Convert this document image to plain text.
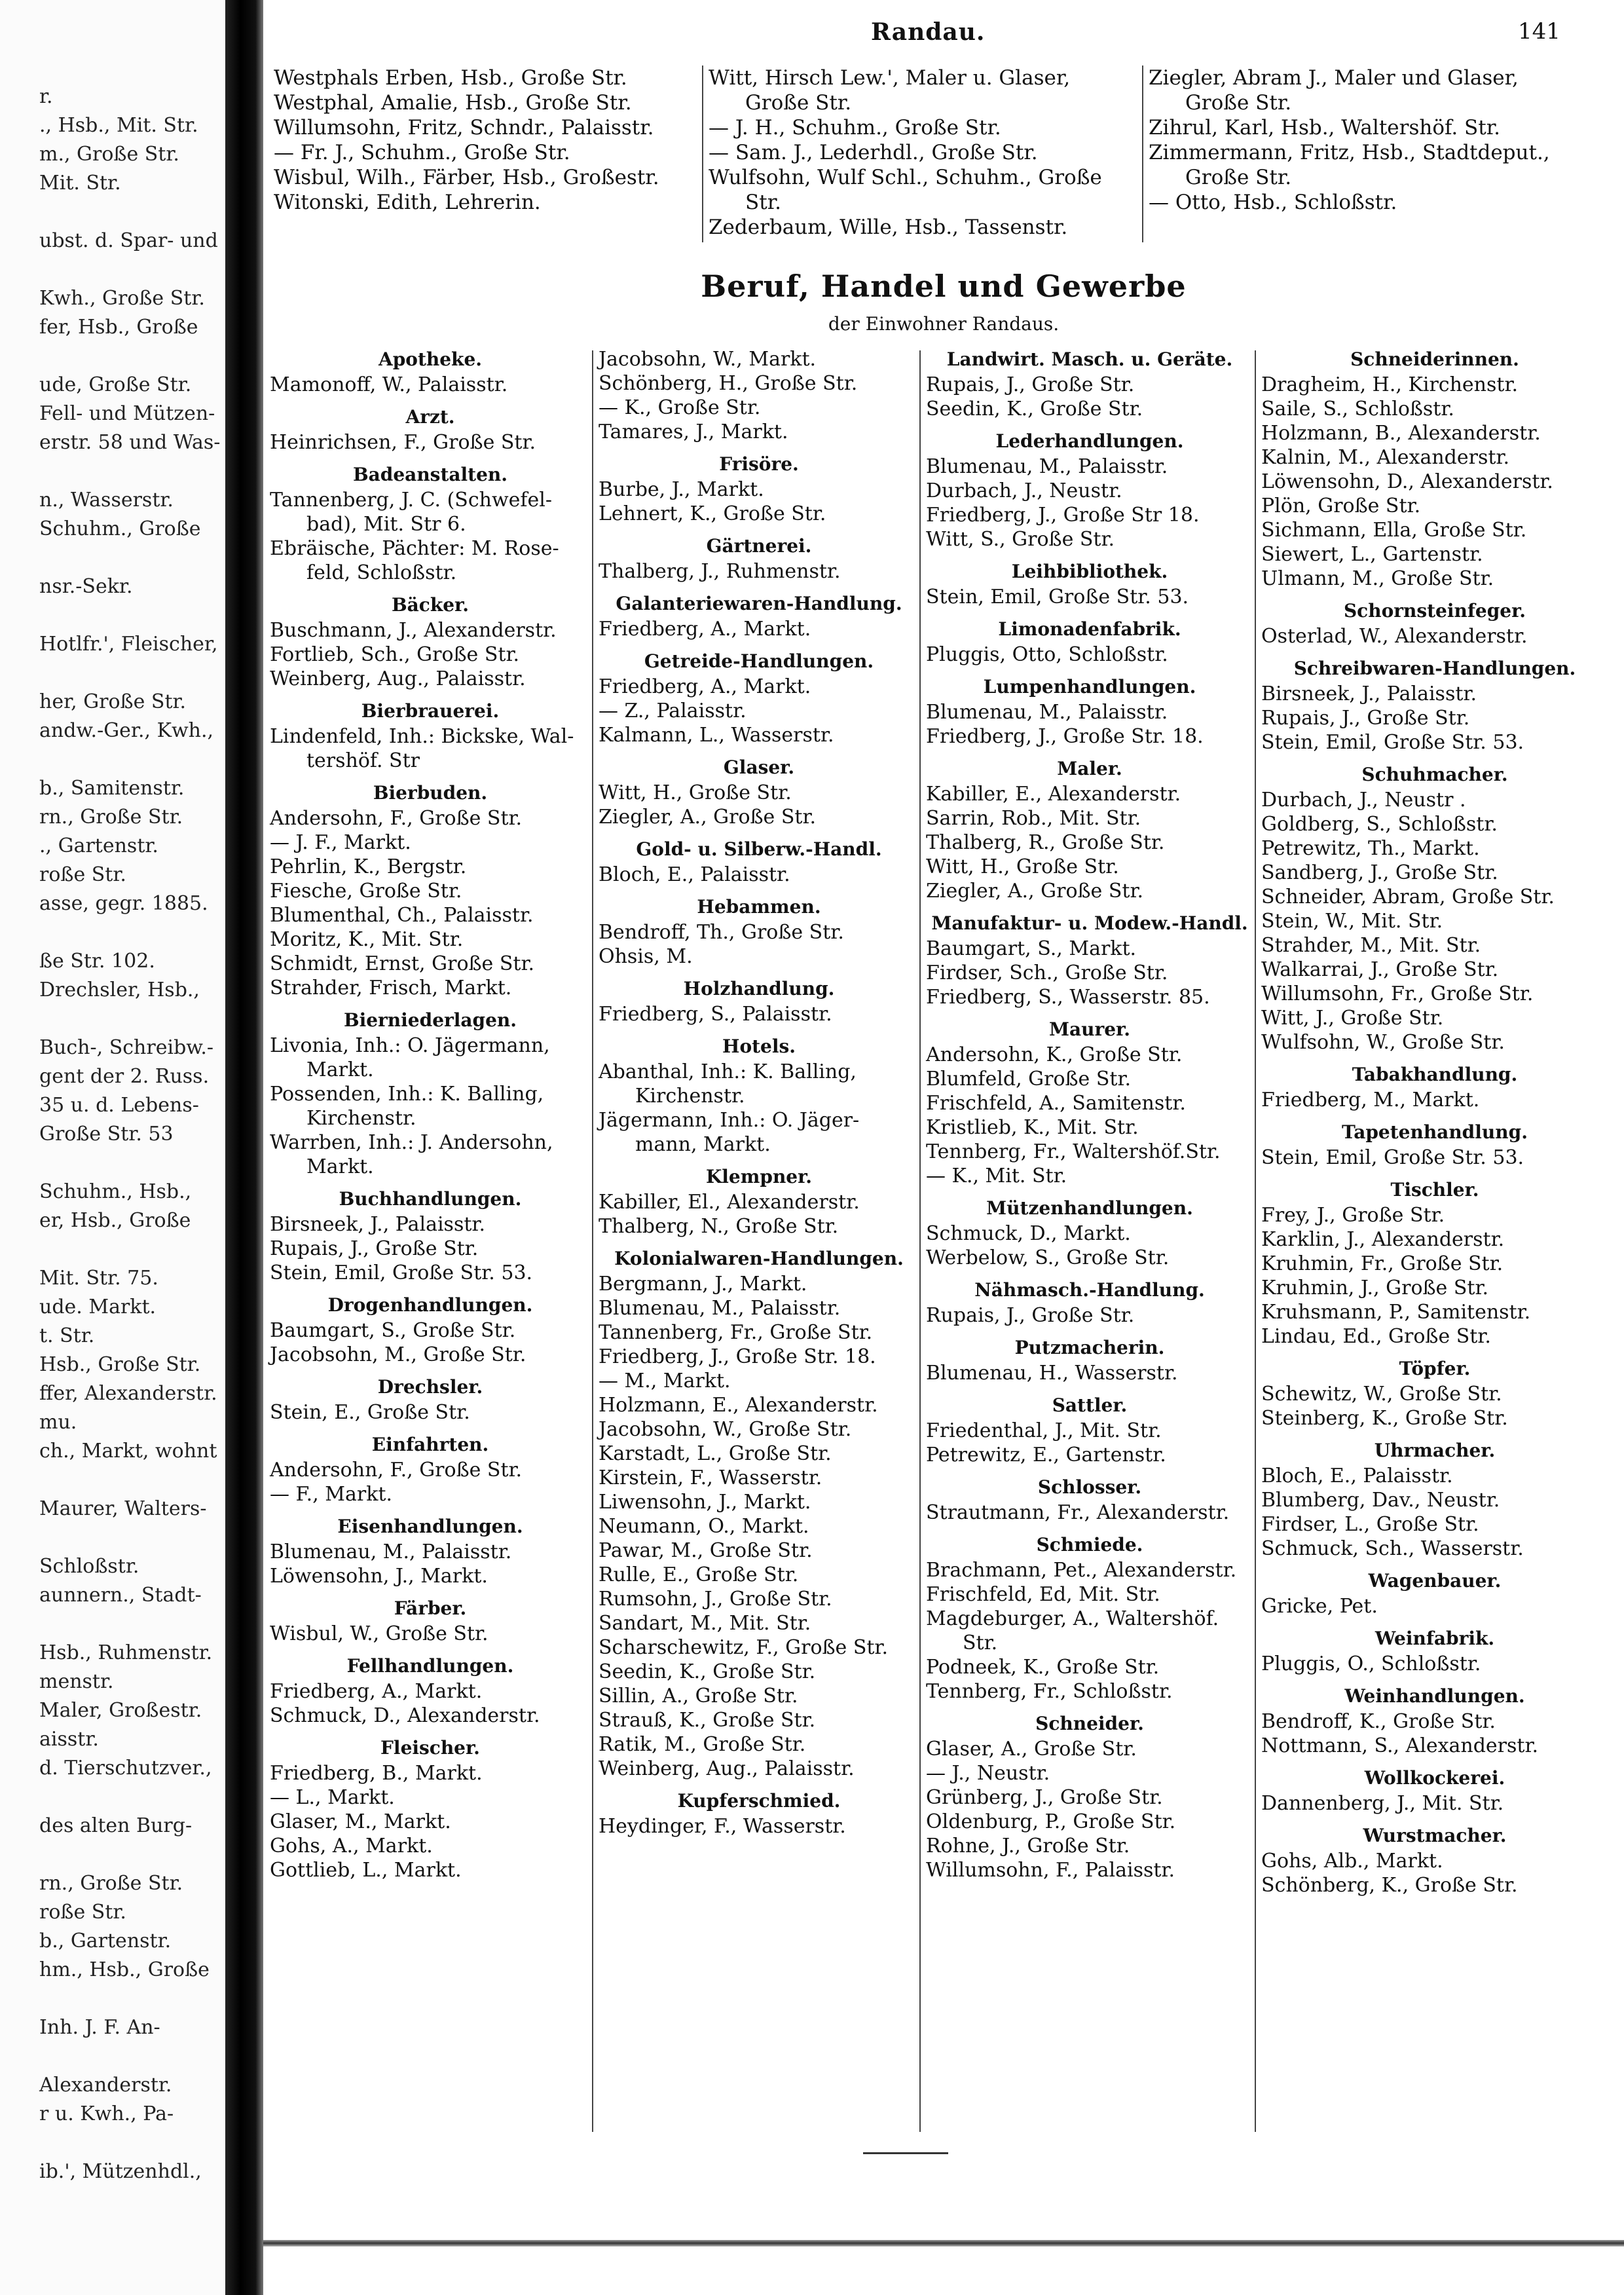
r.
., Hsb., Mit. Str.
m., Große Str.
Mit. Str.
ubst. d. Spar- und
Kwh., Große Str.
fer, Hsb., Große
ude, Große Str.
Fell- und Mützen-
erstr. 58 und Was-
n., Wasserstr.
Schuhm., Große
nsr.-Sekr.
Hotlfr.', Fleischer,
her, Große Str.
andw.-Ger., Kwh.,
b., Samitenstr.
rn., Große Str.
., Gartenstr.
roße Str.
asse, gegr. 1885.
ße Str. 102.
Drechsler, Hsb.,
Buch-, Schreibw.-
gent der 2. Russ.
35 u. d. Lebens-
Große Str. 53
Schuhm., Hsb.,
er, Hsb., Große
Mit. Str. 75.
ude. Markt.
t. Str.
Hsb., Große Str.
ffer, Alexanderstr.
mu.
ch., Markt, wohnt
Maurer, Walters-
Schloßstr.
aunnern., Stadt-
Hsb., Ruhmenstr.
menstr.
Maler, Großestr.
aisstr.
d. Tierschutzver.,
des alten Burg-
rn., Große Str.
roße Str.
b., Gartenstr.
hm., Hsb., Große
Inh. J. F. An-
Alexanderstr.
r u. Kwh., Pa-
ib.', Mützenhdl.,
Randau.	141
Westphals Erben, Hsb., Große Str.
Westphal, Amalie, Hsb., Große Str.
Willumsohn, Fritz, Schndr., Palaisstr.
— Fr. J., Schuhm., Große Str.
Wisbul, Wilh., Färber, Hsb., Großestr.
Witonski, Edith, Lehrerin.
Witt, Hirsch Lew.', Maler u. Glaser,
Große Str.
— J. H., Schuhm., Große Str.
— Sam. J., Lederhdl., Große Str.
Wulfsohn, Wulf Schl., Schuhm., Große
Str.
Zederbaum, Wille, Hsb., Tassenstr.
Ziegler, Abram J., Maler und Glaser,
Große Str.
Zihrul, Karl, Hsb., Waltershöf. Str.
Zimmermann, Fritz, Hsb., Stadtdeput.,
Große Str.
— Otto, Hsb., Schloßstr.
Beruf, Handel und Gewerbe
der Einwohner Randaus.
Apotheke.
Mamonoff, W., Palaisstr.
Arzt.
Heinrichsen, F., Große Str.
Badeanstalten.
Tannenberg, J. C. (Schwefel-
bad), Mit. Str 6.
Ebräische, Pächter: M. Rose-
feld, Schloßstr.
Bäcker.
Buschmann, J., Alexanderstr.
Fortlieb, Sch., Große Str.
Weinberg, Aug., Palaisstr.
Bierbrauerei.
Lindenfeld, Inh.: Bickske, Wal-
tershöf. Str
Bierbuden.
Andersohn, F., Große Str.
— J. F., Markt.
Pehrlin, K., Bergstr.
Fiesche, Große Str.
Blumenthal, Ch., Palaisstr.
Moritz, K., Mit. Str.
Schmidt, Ernst, Große Str.
Strahder, Frisch, Markt.
Bierniederlagen.
Livonia, Inh.: O. Jägermann,
Markt.
Possenden, Inh.: K. Balling,
Kirchenstr.
Warrben, Inh.: J. Andersohn,
Markt.
Buchhandlungen.
Birsneek, J., Palaisstr.
Rupais, J., Große Str.
Stein, Emil, Große Str. 53.
Drogenhandlungen.
Baumgart, S., Große Str.
Jacobsohn, M., Große Str.
Drechsler.
Stein, E., Große Str.
Einfahrten.
Andersohn, F., Große Str.
— F., Markt.
Eisenhandlungen.
Blumenau, M., Palaisstr.
Löwensohn, J., Markt.
Färber.
Wisbul, W., Große Str.
Fellhandlungen.
Friedberg, A., Markt.
Schmuck, D., Alexanderstr.
Fleischer.
Friedberg, B., Markt.
— L., Markt.
Glaser, M., Markt.
Gohs, A., Markt.
Gottlieb, L., Markt.
Jacobsohn, W., Markt.
Schönberg, H., Große Str.
— K., Große Str.
Tamares, J., Markt.
Frisöre.
Burbe, J., Markt.
Lehnert, K., Große Str.
Gärtnerei.
Thalberg, J., Ruhmenstr.
Galanteriewaren-Handlung.
Friedberg, A., Markt.
Getreide-Handlungen.
Friedberg, A., Markt.
— Z., Palaisstr.
Kalmann, L., Wasserstr.
Glaser.
Witt, H., Große Str.
Ziegler, A., Große Str.
Gold- u. Silberw.-Handl.
Bloch, E., Palaisstr.
Hebammen.
Bendroff, Th., Große Str.
Ohsis, M.
Holzhandlung.
Friedberg, S., Palaisstr.
Hotels.
Abanthal, Inh.: K. Balling,
Kirchenstr.
Jägermann, Inh.: O. Jäger-
mann, Markt.
Klempner.
Kabiller, El., Alexanderstr.
Thalberg, N., Große Str.
Kolonialwaren-Handlungen.
Bergmann, J., Markt.
Blumenau, M., Palaisstr.
Tannenberg, Fr., Große Str.
Friedberg, J., Große Str. 18.
— M., Markt.
Holzmann, E., Alexanderstr.
Jacobsohn, W., Große Str.
Karstadt, L., Große Str.
Kirstein, F., Wasserstr.
Liwensohn, J., Markt.
Neumann, O., Markt.
Pawar, M., Große Str.
Rulle, E., Große Str.
Rumsohn, J., Große Str.
Sandart, M., Mit. Str.
Scharschewitz, F., Große Str.
Seedin, K., Große Str.
Sillin, A., Große Str.
Strauß, K., Große Str.
Ratik, M., Große Str.
Weinberg, Aug., Palaisstr.
Kupferschmied.
Heydinger, F., Wasserstr.
Landwirt. Masch. u. Geräte.
Rupais, J., Große Str.
Seedin, K., Große Str.
Lederhandlungen.
Blumenau, M., Palaisstr.
Durbach, J., Neustr.
Friedberg, J., Große Str 18.
Witt, S., Große Str.
Leihbibliothek.
Stein, Emil, Große Str. 53.
Limonadenfabrik.
Pluggis, Otto, Schloßstr.
Lumpenhandlungen.
Blumenau, M., Palaisstr.
Friedberg, J., Große Str. 18.
Maler.
Kabiller, E., Alexanderstr.
Sarrin, Rob., Mit. Str.
Thalberg, R., Große Str.
Witt, H., Große Str.
Ziegler, A., Große Str.
Manufaktur- u. Modew.-Handl.
Baumgart, S., Markt.
Firdser, Sch., Große Str.
Friedberg, S., Wasserstr. 85.
Maurer.
Andersohn, K., Große Str.
Blumfeld, Große Str.
Frischfeld, A., Samitenstr.
Kristlieb, K., Mit. Str.
Tennberg, Fr., Waltershöf.Str.
— K., Mit. Str.
Mützenhandlungen.
Schmuck, D., Markt.
Werbelow, S., Große Str.
Nähmasch.-Handlung.
Rupais, J., Große Str.
Putzmacherin.
Blumenau, H., Wasserstr.
Sattler.
Friedenthal, J., Mit. Str.
Petrewitz, E., Gartenstr.
Schlosser.
Strautmann, Fr., Alexanderstr.
Schmiede.
Brachmann, Pet., Alexanderstr.
Frischfeld, Ed, Mit. Str.
Magdeburger, A., Waltershöf.
Str.
Podneek, K., Große Str.
Tennberg, Fr., Schloßstr.
Schneider.
Glaser, A., Große Str.
— J., Neustr.
Grünberg, J., Große Str.
Oldenburg, P., Große Str.
Rohne, J., Große Str.
Willumsohn, F., Palaisstr.
Schneiderinnen.
Dragheim, H., Kirchenstr.
Saile, S., Schloßstr.
Holzmann, B., Alexanderstr.
Kalnin, M., Alexanderstr.
Löwensohn, D., Alexanderstr.
Plön, Große Str.
Sichmann, Ella, Große Str.
Siewert, L., Gartenstr.
Ulmann, M., Große Str.
Schornsteinfeger.
Osterlad, W., Alexanderstr.
Schreibwaren-Handlungen.
Birsneek, J., Palaisstr.
Rupais, J., Große Str.
Stein, Emil, Große Str. 53.
Schuhmacher.
Durbach, J., Neustr .
Goldberg, S., Schloßstr.
Petrewitz, Th., Markt.
Sandberg, J., Große Str.
Schneider, Abram, Große Str.
Stein, W., Mit. Str.
Strahder, M., Mit. Str.
Walkarrai, J., Große Str.
Willumsohn, Fr., Große Str.
Witt, J., Große Str.
Wulfsohn, W., Große Str.
Tabakhandlung.
Friedberg, M., Markt.
Tapetenhandlung.
Stein, Emil, Große Str. 53.
Tischler.
Frey, J., Große Str.
Karklin, J., Alexanderstr.
Kruhmin, Fr., Große Str.
Kruhmin, J., Große Str.
Kruhsmann, P., Samitenstr.
Lindau, Ed., Große Str.
Töpfer.
Schewitz, W., Große Str.
Steinberg, K., Große Str.
Uhrmacher.
Bloch, E., Palaisstr.
Blumberg, Dav., Neustr.
Firdser, L., Große Str.
Schmuck, Sch., Wasserstr.
Wagenbauer.
Gricke, Pet.
Weinfabrik.
Pluggis, O., Schloßstr.
Weinhandlungen.
Bendroff, K., Große Str.
Nottmann, S., Alexanderstr.
Wollkockerei.
Dannenberg, J., Mit. Str.
Wurstmacher.
Gohs, Alb., Markt.
Schönberg, K., Große Str.
